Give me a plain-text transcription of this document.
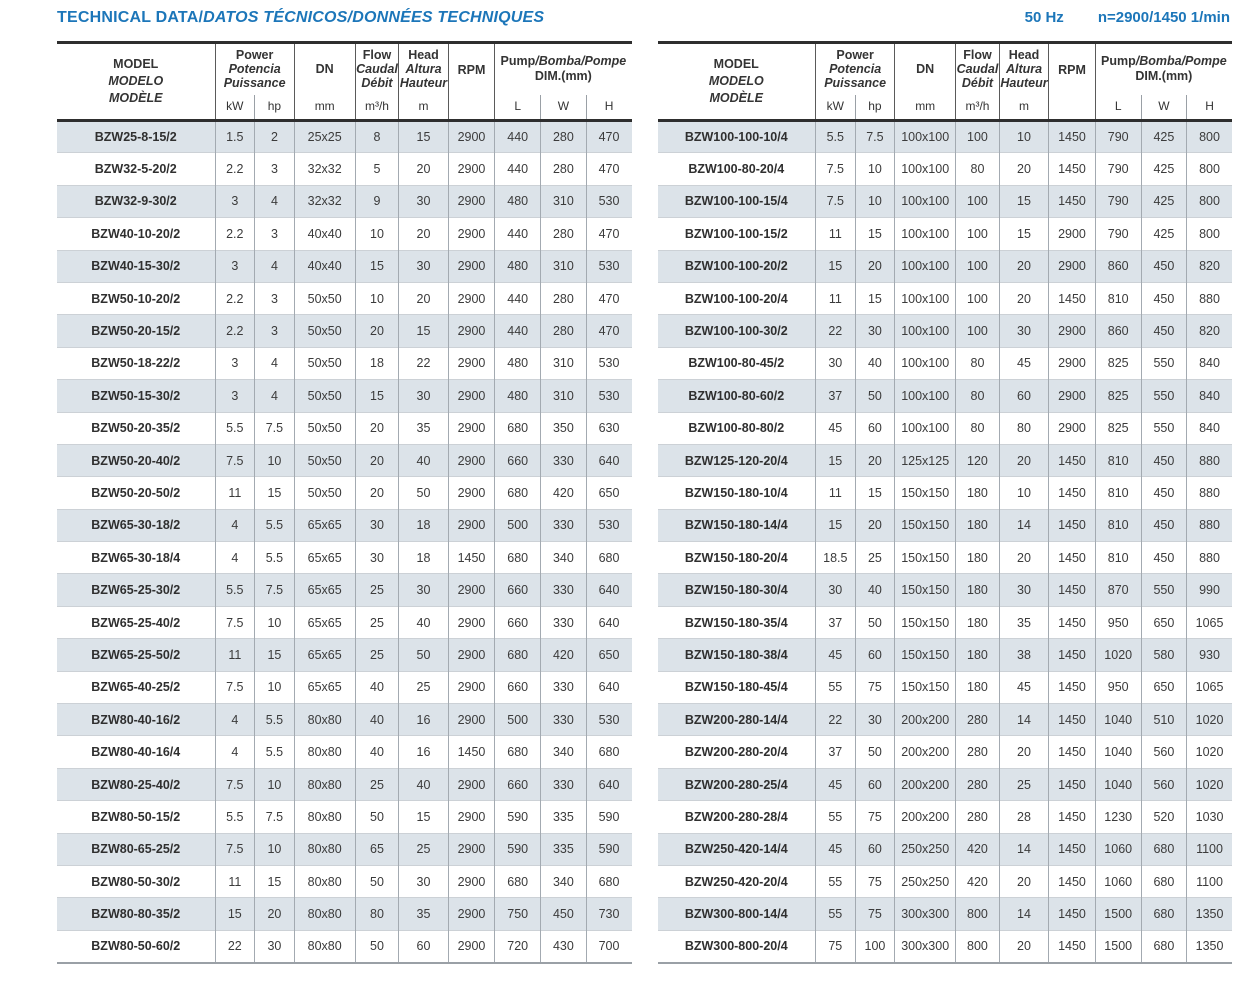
TECHNICAL DATA/DATOS TÉCNICOS/DONNÉES TECHNIQUES	50 Hz n=2900/1450 1/min
MODEL
MODELO
MODÈLE	Power
Potencia
Puissance		DN	Flow
Caudal
Débit	Head
Altura
Hauteur	RPM	Pump/Bomba/Pompe
DIM.(mm)		

	kW	hp	mm	m³/h	m		L	W	H
BZW25-8-15/2	1.5	2	25x25	8	15	2900	440	280	470
BZW32-5-20/2	2.2	3	32x32	5	20	2900	440	280	470
BZW32-9-30/2	3	4	32x32	9	30	2900	480	310	530
BZW40-10-20/2	2.2	3	40x40	10	20	2900	440	280	470
BZW40-15-30/2	3	4	40x40	15	30	2900	480	310	530
BZW50-10-20/2	2.2	3	50x50	10	20	2900	440	280	470
BZW50-20-15/2	2.2	3	50x50	20	15	2900	440	280	470
BZW50-18-22/2	3	4	50x50	18	22	2900	480	310	530
BZW50-15-30/2	3	4	50x50	15	30	2900	480	310	530
BZW50-20-35/2	5.5	7.5	50x50	20	35	2900	680	350	630
BZW50-20-40/2	7.5	10	50x50	20	40	2900	660	330	640
BZW50-20-50/2	11	15	50x50	20	50	2900	680	420	650
BZW65-30-18/2	4	5.5	65x65	30	18	2900	500	330	530
BZW65-30-18/4	4	5.5	65x65	30	18	1450	680	340	680
BZW65-25-30/2	5.5	7.5	65x65	25	30	2900	660	330	640
BZW65-25-40/2	7.5	10	65x65	25	40	2900	660	330	640
BZW65-25-50/2	11	15	65x65	25	50	2900	680	420	650
BZW65-40-25/2	7.5	10	65x65	40	25	2900	660	330	640
BZW80-40-16/2	4	5.5	80x80	40	16	2900	500	330	530
BZW80-40-16/4	4	5.5	80x80	40	16	1450	680	340	680
BZW80-25-40/2	7.5	10	80x80	25	40	2900	660	330	640
BZW80-50-15/2	5.5	7.5	80x80	50	15	2900	590	335	590
BZW80-65-25/2	7.5	10	80x80	65	25	2900	590	335	590
BZW80-50-30/2	11	15	80x80	50	30	2900	680	340	680
BZW80-80-35/2	15	20	80x80	80	35	2900	750	450	730
BZW80-50-60/2	22	30	80x80	50	60	2900	720	430	700
MODEL
MODELO
MODÈLE	Power
Potencia
Puissance		DN	Flow
Caudal
Débit	Head
Altura
Hauteur	RPM	Pump/Bomba/Pompe
DIM.(mm)		

	kW	hp	mm	m³/h	m		L	W	H
BZW100-100-10/4	5.5	7.5	100x100	100	10	1450	790	425	800
BZW100-80-20/4	7.5	10	100x100	80	20	1450	790	425	800
BZW100-100-15/4	7.5	10	100x100	100	15	1450	790	425	800
BZW100-100-15/2	11	15	100x100	100	15	2900	790	425	800
BZW100-100-20/2	15	20	100x100	100	20	2900	860	450	820
BZW100-100-20/4	11	15	100x100	100	20	1450	810	450	880
BZW100-100-30/2	22	30	100x100	100	30	2900	860	450	820
BZW100-80-45/2	30	40	100x100	80	45	2900	825	550	840
BZW100-80-60/2	37	50	100x100	80	60	2900	825	550	840
BZW100-80-80/2	45	60	100x100	80	80	2900	825	550	840
BZW125-120-20/4	15	20	125x125	120	20	1450	810	450	880
BZW150-180-10/4	11	15	150x150	180	10	1450	810	450	880
BZW150-180-14/4	15	20	150x150	180	14	1450	810	450	880
BZW150-180-20/4	18.5	25	150x150	180	20	1450	810	450	880
BZW150-180-30/4	30	40	150x150	180	30	1450	870	550	990
BZW150-180-35/4	37	50	150x150	180	35	1450	950	650	1065
BZW150-180-38/4	45	60	150x150	180	38	1450	1020	580	930
BZW150-180-45/4	55	75	150x150	180	45	1450	950	650	1065
BZW200-280-14/4	22	30	200x200	280	14	1450	1040	510	1020
BZW200-280-20/4	37	50	200x200	280	20	1450	1040	560	1020
BZW200-280-25/4	45	60	200x200	280	25	1450	1040	560	1020
BZW200-280-28/4	55	75	200x200	280	28	1450	1230	520	1030
BZW250-420-14/4	45	60	250x250	420	14	1450	1060	680	1100
BZW250-420-20/4	55	75	250x250	420	20	1450	1060	680	1100
BZW300-800-14/4	55	75	300x300	800	14	1450	1500	680	1350
BZW300-800-20/4	75	100	300x300	800	20	1450	1500	680	1350
